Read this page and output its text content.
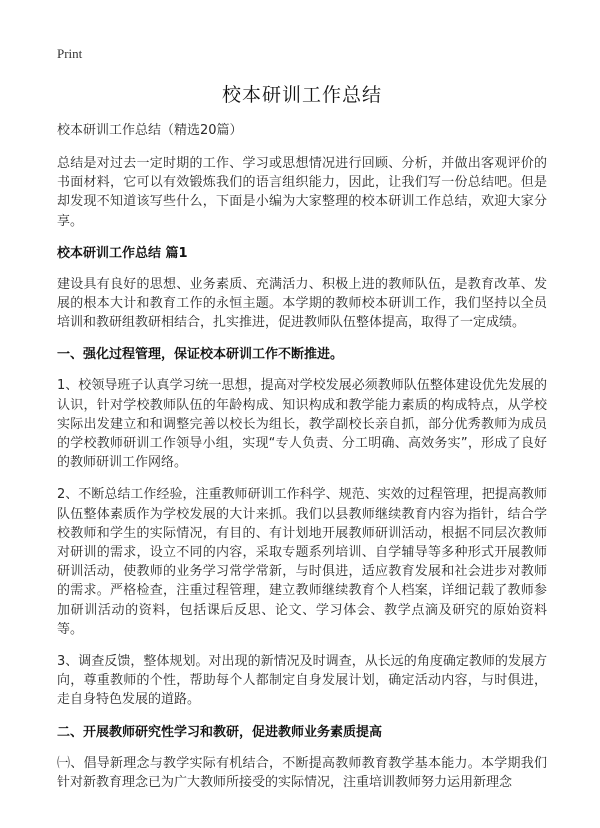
Print
校本研训工作总结

校本研训工作总结（精选20篇）

总结是对过去一定时期的工作、学习或思想情况进行回顾、分析，并做出客观评价的书面材料，它可以有效锻炼我们的语言组织能力，因此，让我们写一份总结吧。但是却发现不知道该写些什么，下面是小编为大家整理的校本研训工作总结，欢迎大家分享。

校本研训工作总结 篇1

建设具有良好的思想、业务素质、充满活力、积极上进的教师队伍，是教育改革、发展的根本大计和教育工作的永恒主题。本学期的教师校本研训工作，我们坚持以全员培训和教研组教研相结合，扎实推进，促进教师队伍整体提高，取得了一定成绩。

一、强化过程管理，保证校本研训工作不断推进。

1、校领导班子认真学习统一思想，提高对学校发展必须教师队伍整体建设优先发展的认识，针对学校教师队伍的年龄构成、知识构成和教学能力素质的构成特点，从学校实际出发建立和和调整完善以校长为组长，教学副校长亲自抓，部分优秀教师为成员的学校教师研训工作领导小组，实现“专人负责、分工明确、高效务实”，形成了良好的教师研训工作网络。

2、不断总结工作经验，注重教师研训工作科学、规范、实效的过程管理，把提高教师队伍整体素质作为学校发展的大计来抓。我们以县教师继续教育内容为指针，结合学校教师和学生的实际情况，有目的、有计划地开展教师研训活动，根据不同层次教师对研训的需求，设立不同的内容，采取专题系列培训、自学辅导等多种形式开展教师研训活动，使教师的业务学习常学常新，与时俱进，适应教育发展和社会进步对教师的需求。严格检查，注重过程管理，建立教师继续教育个人档案，详细记载了教师参加研训活动的资料，包括课后反思、论文、学习体会、教学点滴及研究的原始资料等。

3、调查反馈，整体规划。对出现的新情况及时调查，从长远的角度确定教师的发展方向，尊重教师的个性，帮助每个人都制定自身发展计划，确定活动内容，与时俱进，走自身特色发展的道路。

二、开展教师研究性学习和教研，促进教师业务素质提高

㈠、倡导新理念与教学实际有机结合，不断提高教师教育教学基本能力。本学期我们针对新教育理念已为广大教师所接受的实际情况，注重培训教师努力运用新理念
